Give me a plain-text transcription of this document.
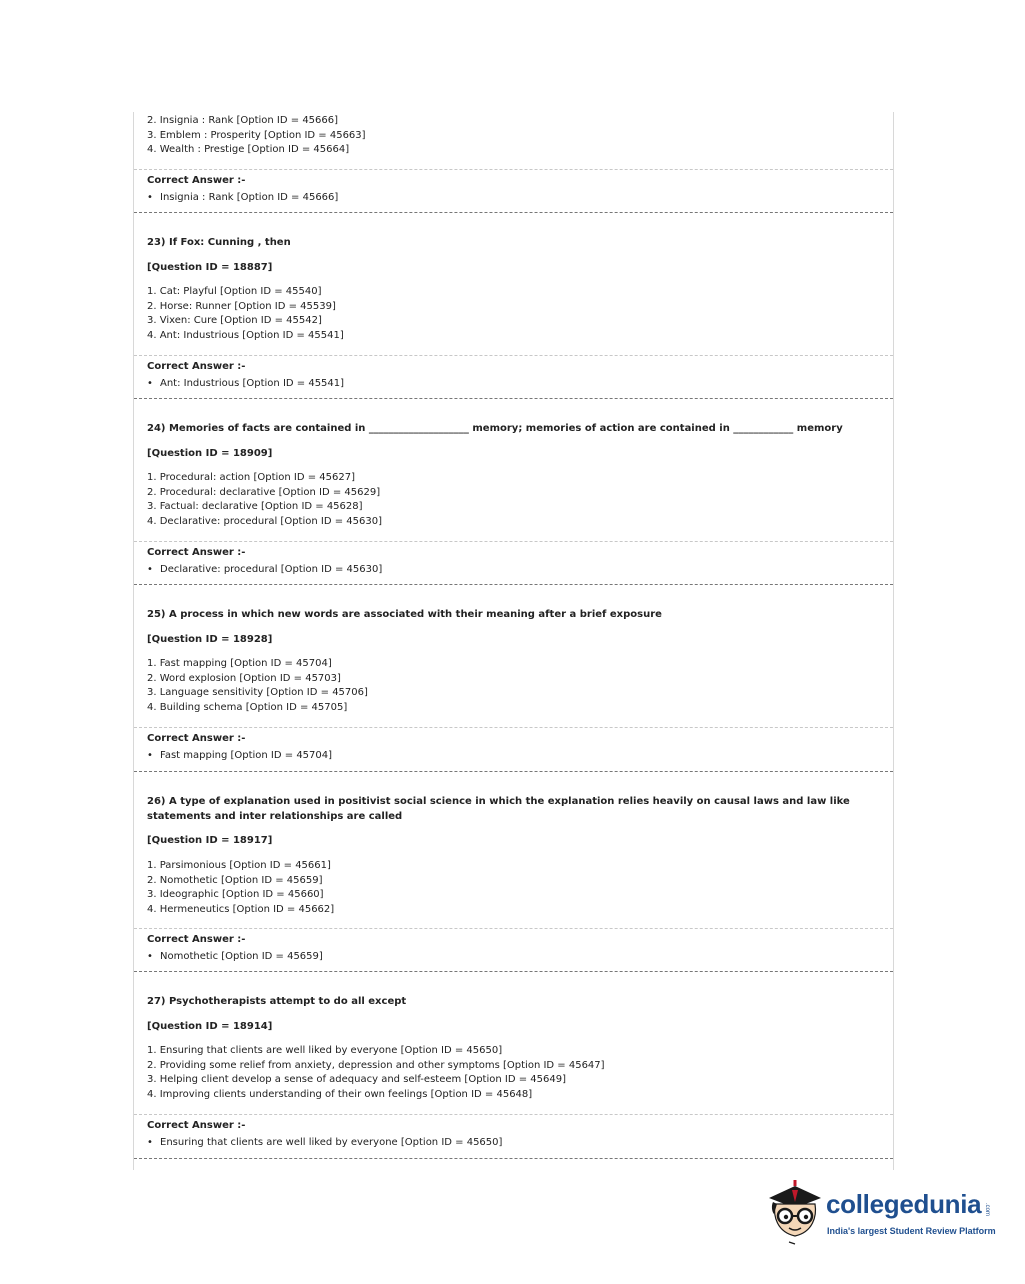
2. Insignia : Rank [Option ID = 45666]
3. Emblem : Prosperity [Option ID = 45663]
4. Wealth : Prestige [Option ID = 45664]
Correct Answer :-
• Insignia : Rank [Option ID = 45666]
23) If Fox: Cunning , then
[Question ID = 18887]
1. Cat: Playful [Option ID = 45540]
2. Horse: Runner [Option ID = 45539]
3. Vixen: Cure [Option ID = 45542]
4. Ant: Industrious [Option ID = 45541]
Correct Answer :-
• Ant: Industrious [Option ID = 45541]
24) Memories of facts are contained in ____________________ memory; memories of action are contained in ____________ memory
[Question ID = 18909]
1. Procedural: action [Option ID = 45627]
2. Procedural: declarative [Option ID = 45629]
3. Factual: declarative [Option ID = 45628]
4. Declarative: procedural [Option ID = 45630]
Correct Answer :-
• Declarative: procedural [Option ID = 45630]
25) A process in which new words are associated with their meaning after a brief exposure
[Question ID = 18928]
1. Fast mapping [Option ID = 45704]
2. Word explosion [Option ID = 45703]
3. Language sensitivity [Option ID = 45706]
4. Building schema [Option ID = 45705]
Correct Answer :-
• Fast mapping [Option ID = 45704]
26) A type of explanation used in positivist social science in which the explanation relies heavily on causal laws and law like statements and inter relationships are called
[Question ID = 18917]
1. Parsimonious [Option ID = 45661]
2. Nomothetic [Option ID = 45659]
3. Ideographic [Option ID = 45660]
4. Hermeneutics [Option ID = 45662]
Correct Answer :-
• Nomothetic [Option ID = 45659]
27) Psychotherapists attempt to do all except
[Question ID = 18914]
1. Ensuring that clients are well liked by everyone [Option ID = 45650]
2. Providing some relief from anxiety, depression and other symptoms [Option ID = 45647]
3. Helping client develop a sense of adequacy and self-esteem [Option ID = 45649]
4. Improving clients understanding of their own feelings [Option ID = 45648]
Correct Answer :-
• Ensuring that clients are well liked by everyone [Option ID = 45650]
collegedunia .com
India's largest Student Review Platform
